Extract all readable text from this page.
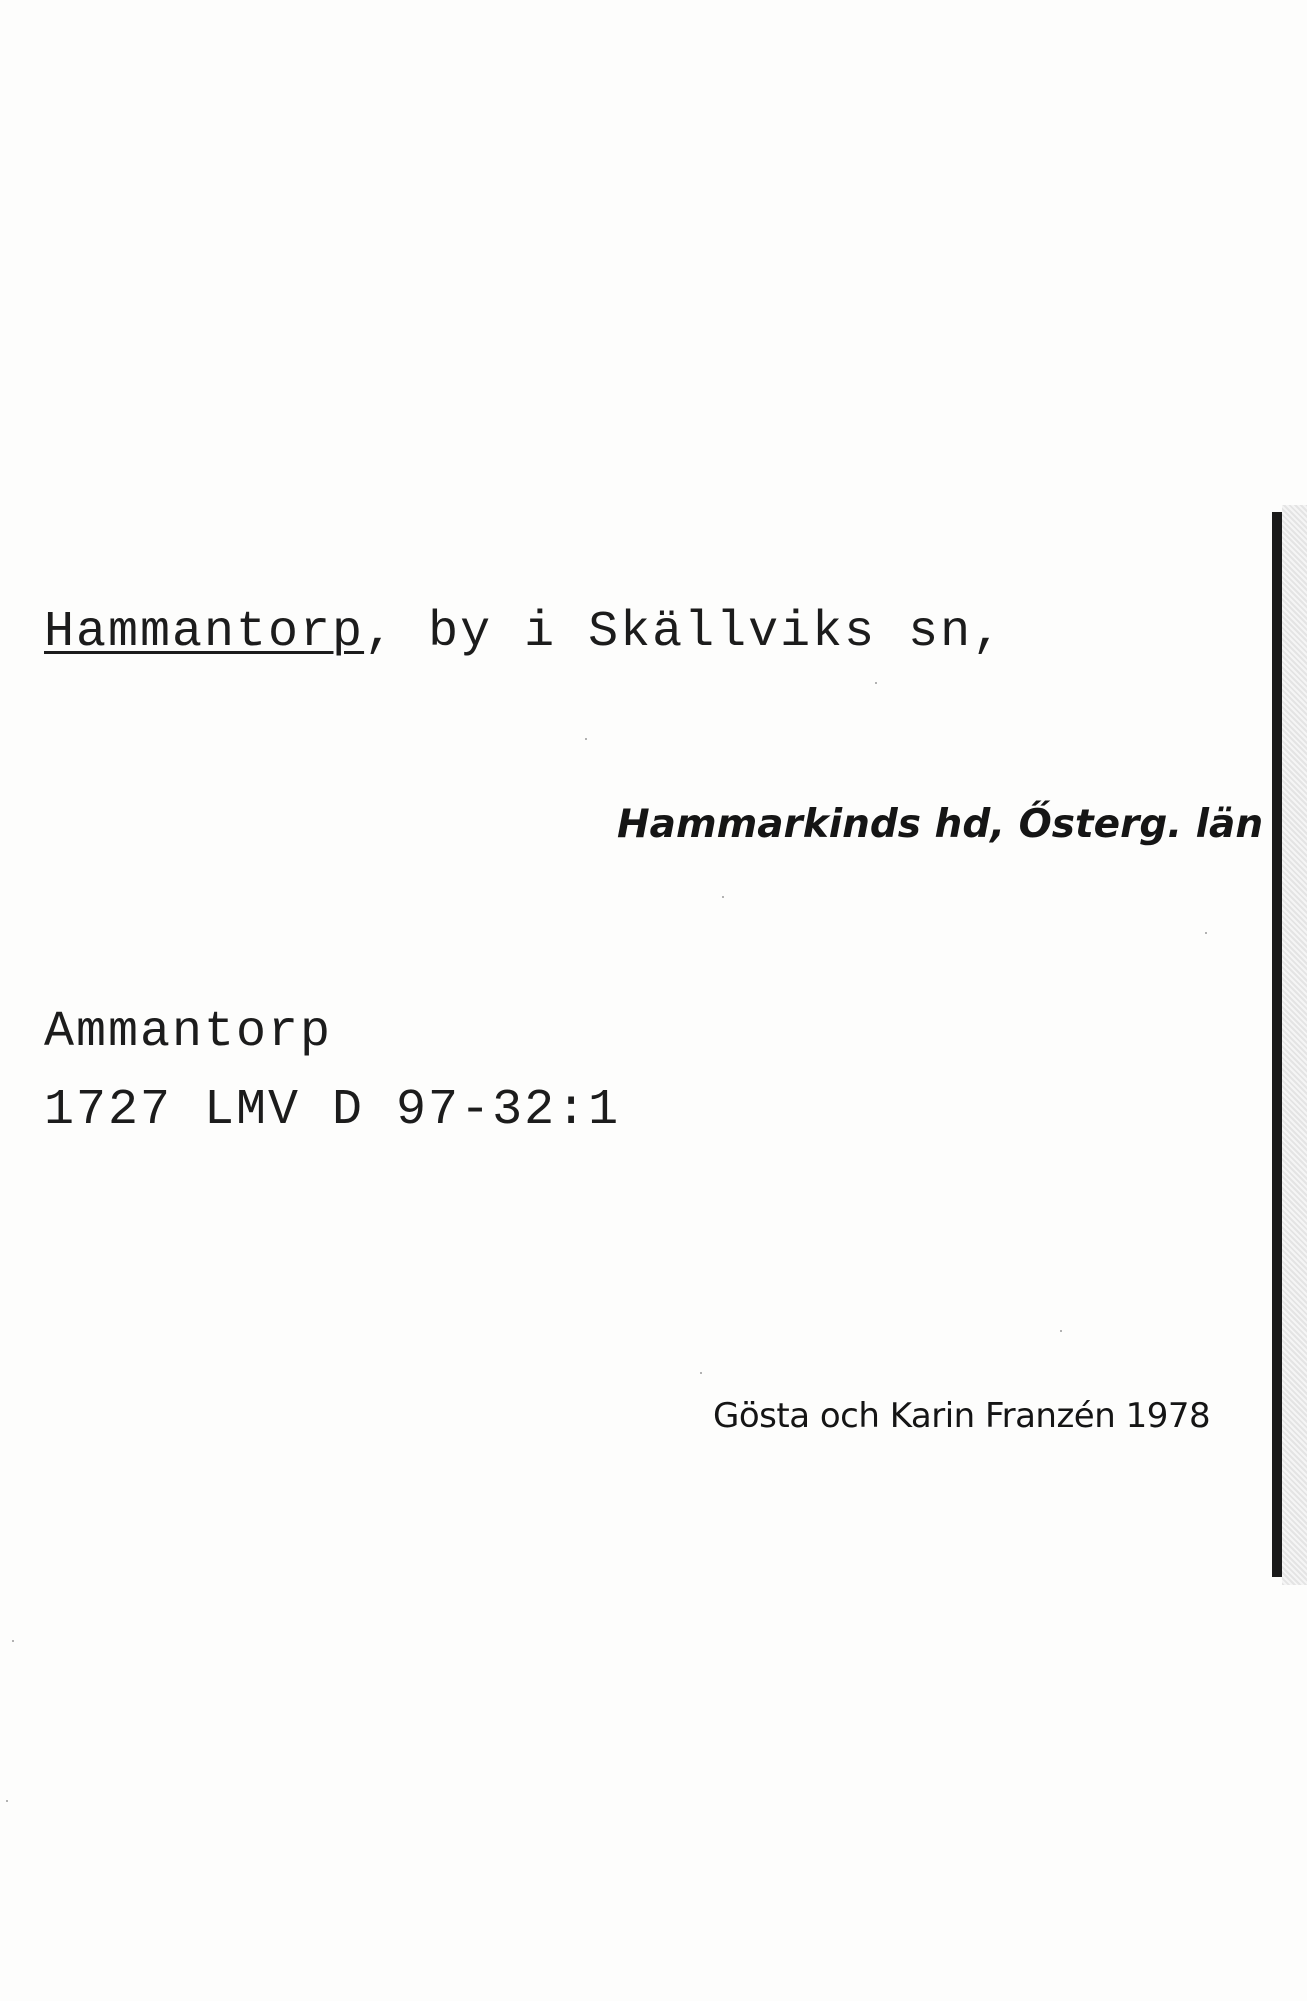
Hammantorp, by i Skällviks sn,
Hammarkinds hd, Ősterg. län
Ammantorp
1727 LMV D 97-32:1
Gösta och Karin Franzén 1978
